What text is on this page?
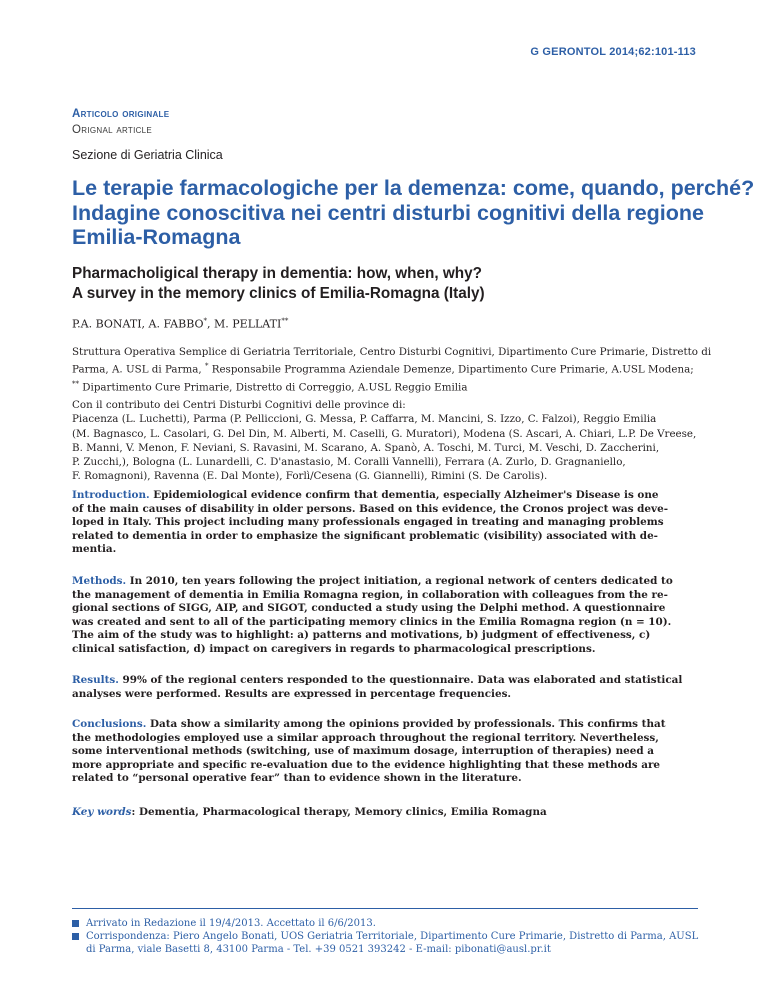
G GERONTOL 2014;62:101-113
Articolo originale
Orignal article
Sezione di Geriatria Clinica
Le terapie farmacologiche per la demenza: come, quando, perché?
Indagine conoscitiva nei centri disturbi cognitivi della regione
Emilia-Romagna
Pharmacholigical therapy in dementia: how, when, why?
A survey in the memory clinics of Emilia-Romagna (Italy)
P.A. BONATI, A. FABBO*, M. PELLATI**
Struttura Operativa Semplice di Geriatria Territoriale, Centro Disturbi Cognitivi, Dipartimento Cure Primarie, Distretto di
Parma, A. USL di Parma, * Responsabile Programma Aziendale Demenze, Dipartimento Cure Primarie, A.USL Modena;
** Dipartimento Cure Primarie, Distretto di Correggio, A.USL Reggio Emilia
Con il contributo dei Centri Disturbi Cognitivi delle province di:
Piacenza (L. Luchetti), Parma (P. Pelliccioni, G. Messa, P. Caffarra, M. Mancini, S. Izzo, C. Falzoi), Reggio Emilia
(M. Bagnasco, L. Casolari, G. Del Din, M. Alberti, M. Caselli, G. Muratori), Modena (S. Ascari, A. Chiari, L.P. De Vreese,
B. Manni, V. Menon, F. Neviani, S. Ravasini, M. Scarano, A. Spanò, A. Toschi, M. Turci, M. Veschi, D. Zaccherini,
P. Zucchi,), Bologna (L. Lunardelli, C. D'anastasio, M. Coralli Vannelli), Ferrara (A. Zurlo, D. Gragnaniello,
F. Romagnoni), Ravenna (E. Dal Monte), Forlì/Cesena (G. Giannelli), Rimini (S. De Carolis).
Introduction. Epidemiological evidence confirm that dementia, especially Alzheimer's Disease is one
of the main causes of disability in older persons. Based on this evidence, the Cronos project was deve-
loped in Italy. This project including many professionals engaged in treating and managing problems
related to dementia in order to emphasize the significant problematic (visibility) associated with de-
mentia.
Methods. In 2010, ten years following the project initiation, a regional network of centers dedicated to
the management of dementia in Emilia Romagna region, in collaboration with colleagues from the re-
gional sections of SIGG, AIP, and SIGOT, conducted a study using the Delphi method. A questionnaire
was created and sent to all of the participating memory clinics in the Emilia Romagna region (n = 10).
The aim of the study was to highlight: a) patterns and motivations, b) judgment of effectiveness, c)
clinical satisfaction, d) impact on caregivers in regards to pharmacological prescriptions.
Results. 99% of the regional centers responded to the questionnaire. Data was elaborated and statistical
analyses were performed. Results are expressed in percentage frequencies.
Conclusions. Data show a similarity among the opinions provided by professionals. This confirms that
the methodologies employed use a similar approach throughout the regional territory. Nevertheless,
some interventional methods (switching, use of maximum dosage, interruption of therapies) need a
more appropriate and specific re-evaluation due to the evidence highlighting that these methods are
related to “personal operative fear” than to evidence shown in the literature.
Key words: Dementia, Pharmacological therapy, Memory clinics, Emilia Romagna
Arrivato in Redazione il 19/4/2013. Accettato il 6/6/2013.
Corrispondenza: Piero Angelo Bonati, UOS Geriatria Territoriale, Dipartimento Cure Primarie, Distretto di Parma, AUSL
di Parma, viale Basetti 8, 43100 Parma - Tel. +39 0521 393242 - E-mail: pibonati@ausl.pr.it
